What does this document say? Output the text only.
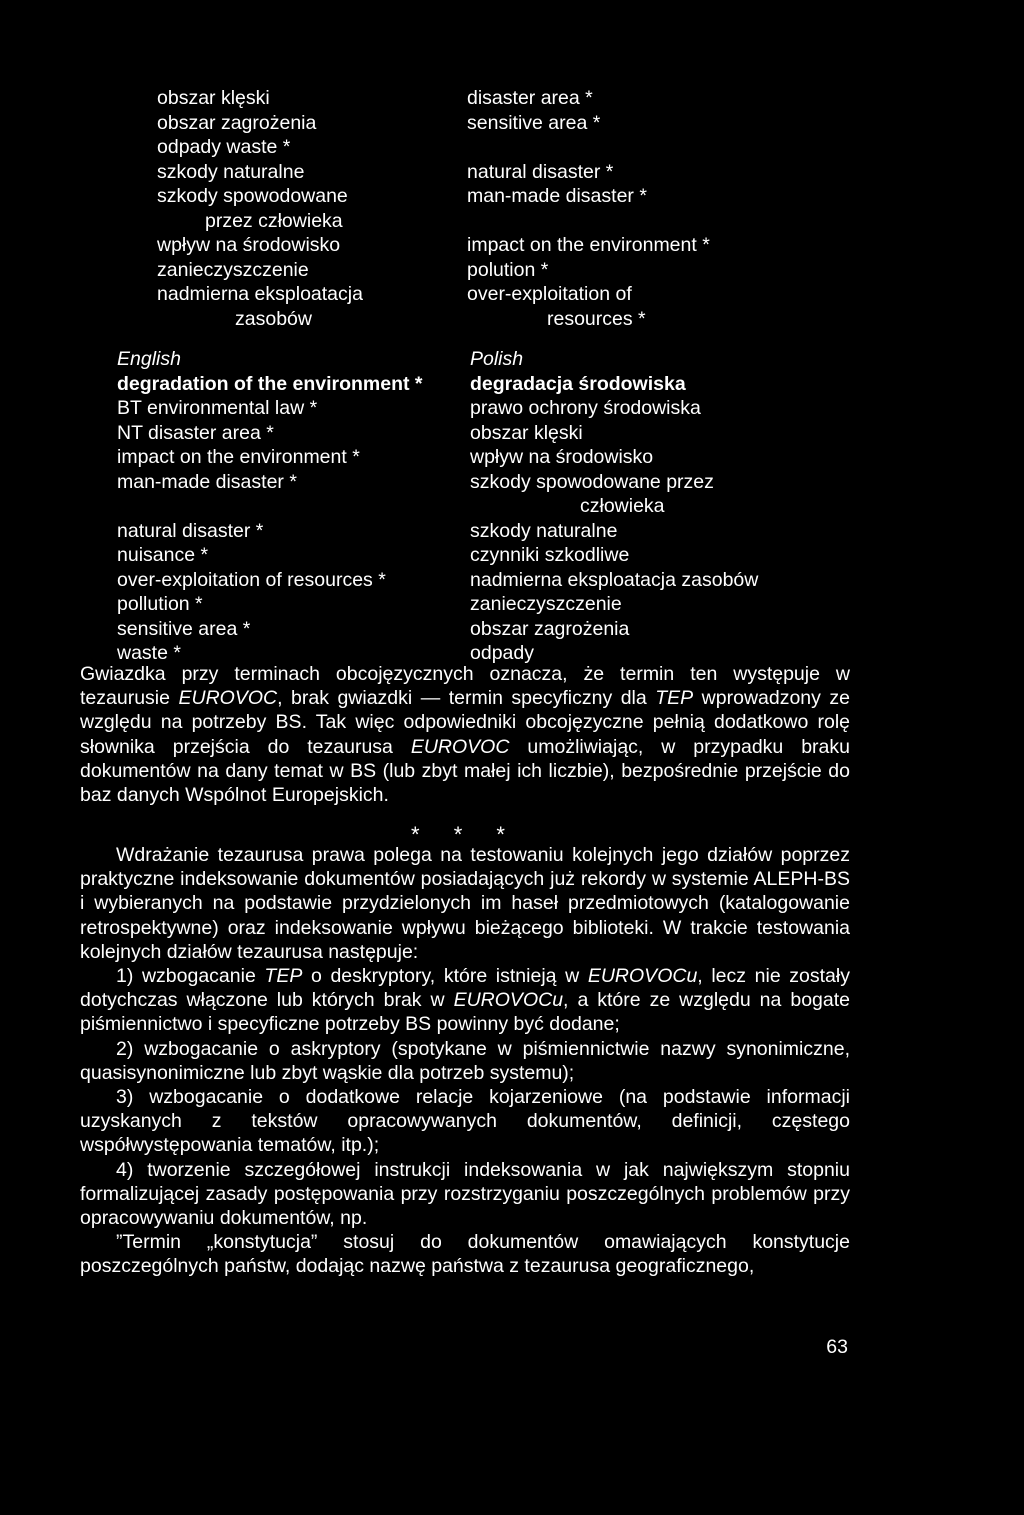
obszar klęski
obszar zagrożenia
odpady waste *
szkody naturalne
szkody spowodowane
przez człowieka
wpływ na środowisko
zanieczyszczenie
nadmierna eksploatacja
zasobów
disaster area *
sensitive area *

natural disaster *
man-made disaster *

impact on the environment *
polution *
over-exploitation of
resources *
English
degradation of the environment *
BT environmental law *
NT disaster area *
impact on the environment *
man-made disaster *

natural disaster *
nuisance *
over-exploitation of resources *
pollution *
sensitive area *
waste *
Polish
degradacja środowiska
prawo ochrony środowiska
obszar klęski
wpływ na środowisko
szkody spowodowane przez
człowieka
szkody naturalne
czynniki szkodliwe
nadmierna eksploatacja zasobów
zanieczyszczenie
obszar zagrożenia
odpady

Gwiazdka przy terminach obcojęzycznych oznacza, że termin ten występuje w tezaurusie EUROVOC, brak gwiazdki — termin specyficzny dla TEP wprowadzony ze względu na potrzeby BS. Tak więc odpowiedniki obcojęzyczne pełnią dodatkowo rolę słownika przejścia do tezaurusa EUROVOC umożliwiając, w przypadku braku dokumentów na dany temat w BS (lub zbyt małej ich liczbie), bezpośrednie przejście do baz danych Wspólnot Europejskich.

* * *

Wdrażanie tezaurusa prawa polega na testowaniu kolejnych jego działów poprzez praktyczne indeksowanie dokumentów posiadających już rekordy w systemie ALEPH-BS i wybieranych na podstawie przydzielonych im haseł przedmiotowych (katalogowanie retrospektywne) oraz indeksowanie wpływu bieżącego biblioteki. W trakcie testowania kolejnych działów tezaurusa następuje:

1) wzbogacanie TEP o deskryptory, które istnieją w EUROVOCu, lecz nie zostały dotychczas włączone lub których brak w EUROVOCu, a które ze względu na bogate piśmiennictwo i specyficzne potrzeby BS powinny być dodane;

2) wzbogacanie o askryptory (spotykane w piśmiennictwie nazwy synonimiczne, quasisynonimiczne lub zbyt wąskie dla potrzeb systemu);

3) wzbogacanie o dodatkowe relacje kojarzeniowe (na podstawie informacji uzyskanych z tekstów opracowywanych dokumentów, definicji, częstego współwystępowania tematów, itp.);

4) tworzenie szczegółowej instrukcji indeksowania w jak największym stopniu formalizującej zasady postępowania przy rozstrzyganiu poszczególnych problemów przy opracowywaniu dokumentów, np.

”Termin „konstytucja” stosuj do dokumentów omawiających konstytucje poszczególnych państw, dodając nazwę państwa z tezaurusa geograficznego,

63
